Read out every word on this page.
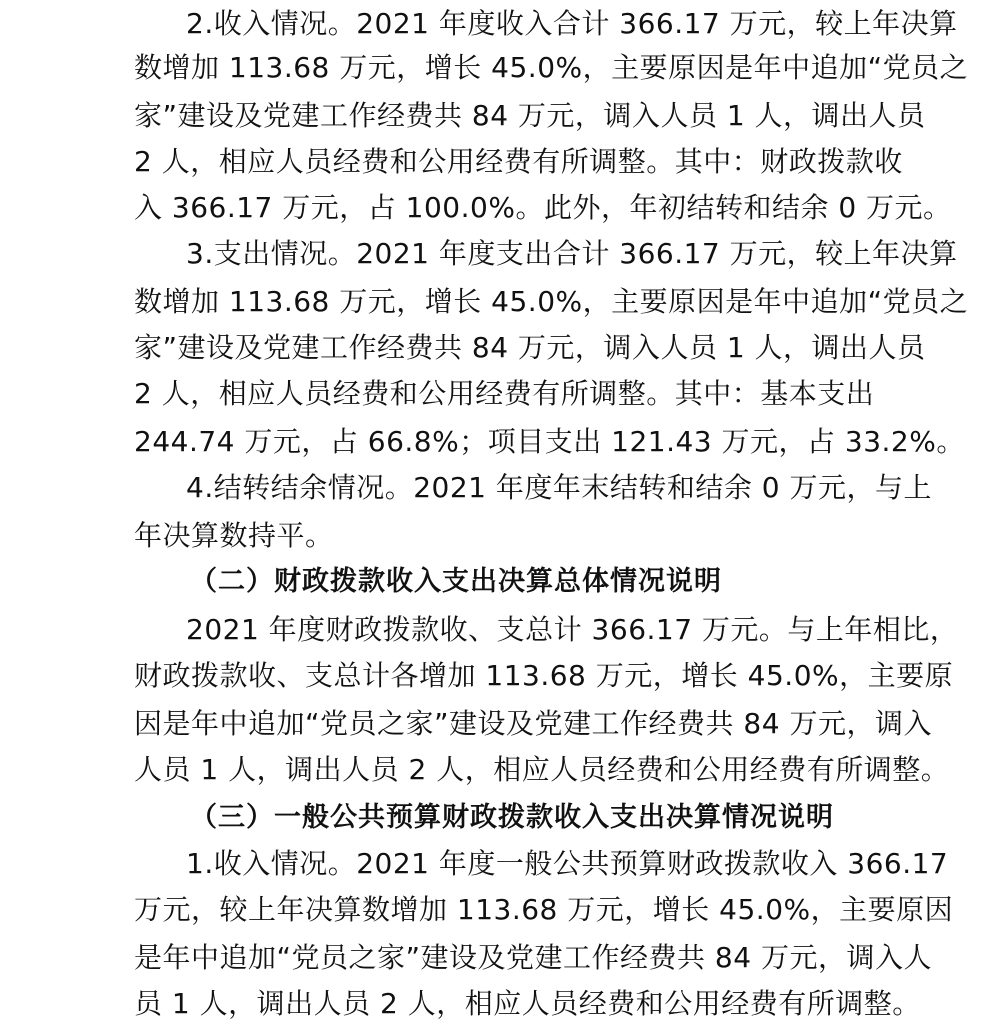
2.收入情况。2021 年度收入合计 366.17 万元，较上年决算
数增加 113.68 万元，增长 45.0%，主要原因是年中追加“党员之
家”建设及党建工作经费共 84 万元，调入人员 1 人，调出人员
2 人，相应人员经费和公用经费有所调整。其中：财政拨款收
入 366.17 万元，占 100.0%。此外，年初结转和结余 0 万元。
3.支出情况。2021 年度支出合计 366.17 万元，较上年决算
数增加 113.68 万元，增长 45.0%，主要原因是年中追加“党员之
家”建设及党建工作经费共 84 万元，调入人员 1 人，调出人员
2 人，相应人员经费和公用经费有所调整。其中：基本支出
244.74 万元，占 66.8%；项目支出 121.43 万元，占 33.2%。
4.结转结余情况。2021 年度年末结转和结余 0 万元，与上
年决算数持平。
（二）财政拨款收入支出决算总体情况说明
2021 年度财政拨款收、支总计 366.17 万元。与上年相比，
财政拨款收、支总计各增加 113.68 万元，增长 45.0%，主要原
因是年中追加“党员之家”建设及党建工作经费共 84 万元，调入
人员 1 人，调出人员 2 人，相应人员经费和公用经费有所调整。
（三）一般公共预算财政拨款收入支出决算情况说明
1.收入情况。2021 年度一般公共预算财政拨款收入 366.17
万元，较上年决算数增加 113.68 万元，增长 45.0%，主要原因
是年中追加“党员之家”建设及党建工作经费共 84 万元，调入人
员 1 人，调出人员 2 人，相应人员经费和公用经费有所调整。
